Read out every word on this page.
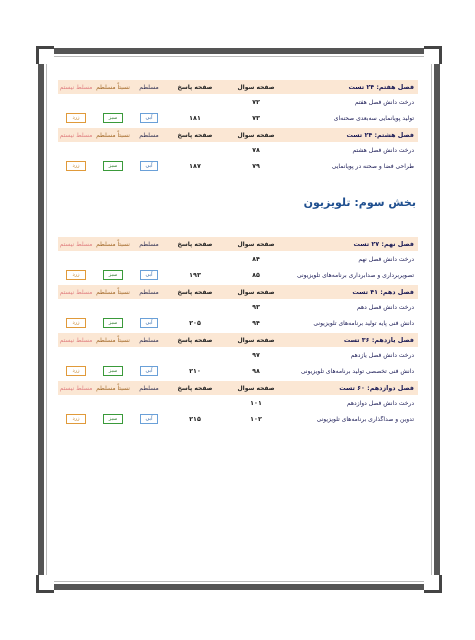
فصل هفتم: ۲۴ تست
صفحه سوال
صفحه پاسخ
مسلطم
نسبتاً مسلطم
مسلط نیستم
درخت دانش فصل هفتم
۷۲
تولید پویانمایی سه‌بعدی صحنه‌ای
۷۳
۱۸۱
آبی
سبز
زرد
فصل هشتم: ۲۴ تست
صفحه سوال
صفحه پاسخ
مسلطم
نسبتاً مسلطم
مسلط نیستم
درخت دانش فصل هشتم
۷۸
طراحی فضا و صحنه در پویانمایی
۷۹
۱۸۷
آبی
سبز
زرد
بخش سوم: تلویزیون
فصل نهم: ۲۷ تست
صفحه سوال
صفحه پاسخ
مسلطم
نسبتاً مسلطم
مسلط نیستم
درخت دانش فصل نهم
۸۴
تصویربرداری و صدابرداری برنامه‌های تلویزیونی
۸۵
۱۹۳
آبی
سبز
زرد
فصل دهم: ۴۱ تست
صفحه سوال
صفحه پاسخ
مسلطم
نسبتاً مسلطم
مسلط نیستم
درخت دانش فصل دهم
۹۳
دانش فنی پایه تولید برنامه‌های تلویزیونی
۹۴
۲۰۵
آبی
سبز
زرد
فصل یازدهم: ۳۶ تست
صفحه سوال
صفحه پاسخ
مسلطم
نسبتاً مسلطم
مسلط نیستم
درخت دانش فصل یازدهم
۹۷
دانش فنی تخصصی تولید برنامه‌های تلویزیونی
۹۸
۲۱۰
آبی
سبز
زرد
فصل دوازدهم: ۶۰ تست
صفحه سوال
صفحه پاسخ
مسلطم
نسبتاً مسلطم
مسلط نیستم
درخت دانش فصل دوازدهم
۱۰۱
تدوین و صداگذاری برنامه‌های تلویزیونی
۱۰۲
۲۱۵
آبی
سبز
زرد
